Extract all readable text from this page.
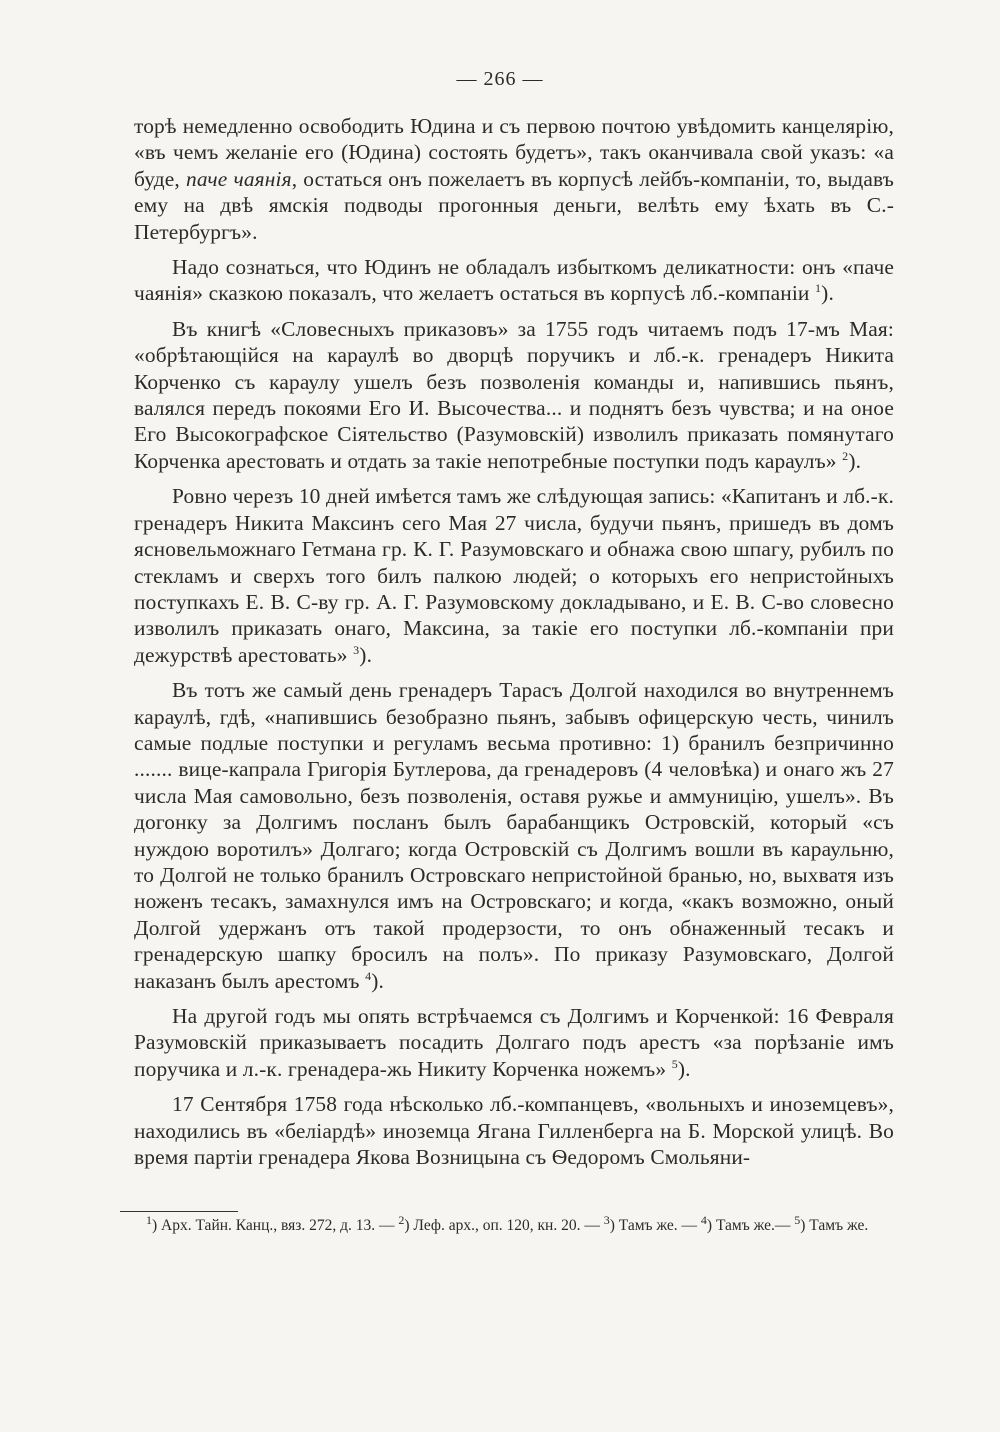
— 266 —

торѣ немедленно освободить Юдина и съ первою почтою увѣдомить канцелярію, «въ чемъ желаніе его (Юдина) состоять будетъ», такъ оканчивала свой указъ: «а буде, паче чаянія, остаться онъ пожелаетъ въ корпусѣ лейбъ-компаніи, то, выдавъ ему на двѣ ямскія подводы прогонныя деньги, велѣть ему ѣхать въ С.-Петербургъ».

Надо сознаться, что Юдинъ не обладалъ избыткомъ деликатности: онъ «паче чаянія» сказкою показалъ, что желаетъ остаться въ корпусѣ лб.-компаніи $^1$).

Въ книгѣ «Словесныхъ приказовъ» за 1755 годъ читаемъ подъ 17-мъ Мая: «обрѣтающійся на караулѣ во дворцѣ поручикъ и лб.-к. гренадеръ Никита Корченко съ караулу ушелъ безъ позволенія команды и, напившись пьянъ, валялся передъ покоями Его И. Высочества... и поднятъ безъ чувства; и на оное Его Высокографское Сіятельство (Разумовскій) изволилъ приказать помянутаго Корченка арестовать и отдать за такіе непотребные поступки подъ караулъ» $^2$).

Ровно черезъ 10 дней имѣется тамъ же слѣдующая запись: «Капитанъ и лб.-к. гренадеръ Никита Максинъ сего Мая 27 числа, будучи пьянъ, пришедъ въ домъ ясновельможнаго Гетмана гр. К. Г. Разумовскаго и обнажа свою шпагу, рубилъ по стекламъ и сверхъ того билъ палкою людей; о которыхъ его непристойныхъ поступкахъ Е. В. С-ву гр. А. Г. Разумовскому докладывано, и Е. В. С-во словесно изволилъ приказать онаго, Максина, за такіе его поступки лб.-компаніи при дежурствѣ арестовать» $^3$).

Въ тотъ же самый день гренадеръ Тарасъ Долгой находился во внутреннемъ караулѣ, гдѣ, «напившись безобразно пьянъ, забывъ офицерскую честь, чинилъ самые подлые поступки и регуламъ весьма противно: 1) бранилъ безпричинно ....... вице-капрала Григорія Бутлерова, да гренадеровъ (4 человѣка) и онаго жъ 27 числа Мая самовольно, безъ позволенія, оставя ружье и аммуницію, ушелъ». Въ догонку за Долгимъ посланъ былъ барабанщикъ Островскій, который «съ нуждою воротилъ» Долгаго; когда Островскій съ Долгимъ вошли въ караульню, то Долгой не только бранилъ Островскаго непристойной бранью, но, выхватя изъ ноженъ тесакъ, замахнулся имъ на Островскаго; и когда, «какъ возможно, оный Долгой удержанъ отъ такой продерзости, то онъ обнаженный тесакъ и гренадерскую шапку бросилъ на полъ». По приказу Разумовскаго, Долгой наказанъ былъ арестомъ $^4$).

На другой годъ мы опять встрѣчаемся съ Долгимъ и Корченкой: 16 Февраля Разумовскій приказываетъ посадить Долгаго подъ арестъ «за порѣзаніе имъ поручика и л.-к. гренадера-жь Никиту Корченка ножемъ» $^5$).

17 Сентября 1758 года нѣсколько лб.-компанцевъ, «вольныхъ и иноземцевъ», находились въ «беліардѣ» иноземца Ягана Гилленберга на Б. Морской улицѣ. Во время партіи гренадера Якова Возницына съ Ѳедоромъ Смольяни-

$^1$) Арх. Тайн. Канц., вяз. 272, д. 13. — $^2$) Леф. арх., оп. 120, кн. 20. — $^3$) Тамъ же. — $^4$) Тамъ же.— $^5$) Тамъ же.
